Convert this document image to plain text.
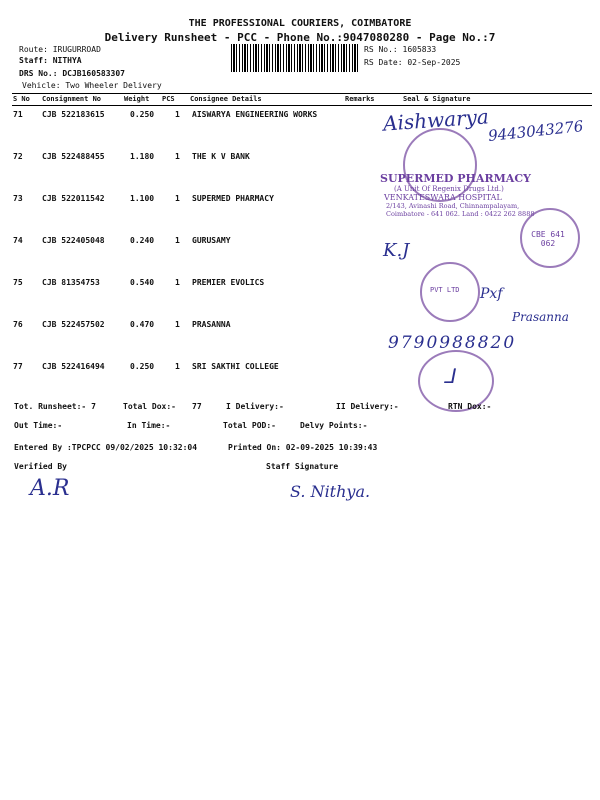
THE PROFESSIONAL COURIERS, COIMBATORE
Delivery Runsheet - PCC - Phone No.:9047080280 - Page No.:7
Route: IRUGURROAD
Staff: NITHYA
DRS No.: DCJB160583307
Vehicle: Two Wheeler Delivery
RS No.: 1605833
RS Date: 02-Sep-2025
S No Consignment No	Weight PCS Consignee Details	Remarks	Seal & Signature
71 CJB 522183615	0.250	1 AISWARYA ENGINEERING WORKS
72 CJB 522488455	1.180	1 THE K V BANK
73 CJB 522011542	1.100	1 SUPERMED PHARMACY
74 CJB 522405048	0.240	1 GURUSAMY
75 CJB 81354753	0.540	1 PREMIER EVOLICS
76 CJB 522457502	0.470	1 PRASANNA
77 CJB 522416494	0.250	1 SRI SAKTHI COLLEGE
Aishwarya
9443043276
SUPERMED PHARMACY
(A Unit Of Regenix Drugs Ltd.)
VENKATESWARA HOSPITAL
2/143, Avinashi Road, Chinnampalayam,
Coimbatore - 641 062. Land : 0422 262 8888
CBE 641 062
K.J
PVT LTD Pxf
Prasanna
9790988820
⅃
Tot. Runsheet:- 7	Total Dox:- 77	I Delivery:-	II Delivery:-	RTN Dox:-
Out Time:-	In Time:-	Total POD:-	Delvy Points:-
Entered By :TPCPCC 09/02/2025 10:32:04	Printed On: 02-09-2025 10:39:43
Verified By	Staff Signature
A.R	S. Nithya.
